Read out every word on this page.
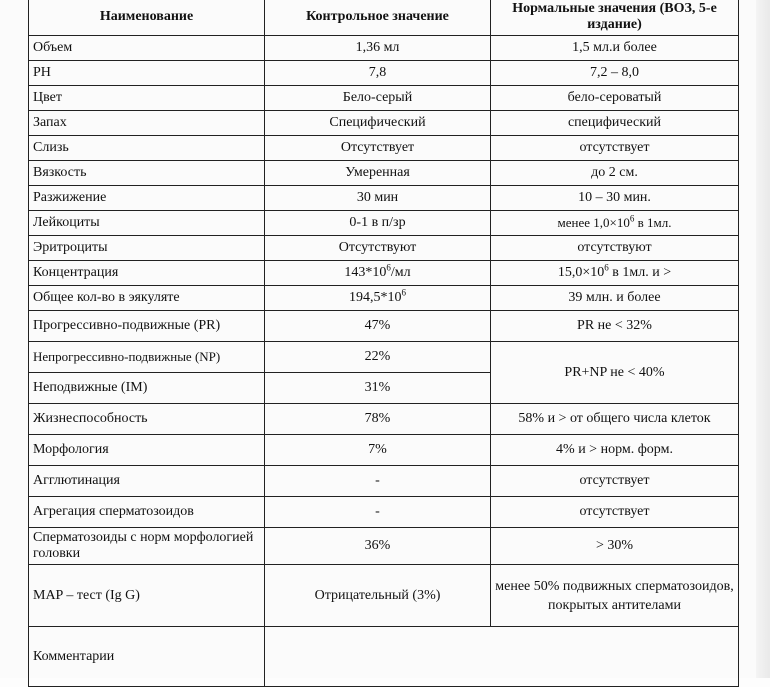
Наименование	Контрольное значение	Нормальные значения (ВОЗ, 5-е издание)
Объем	1,36 мл	1,5 мл.и более
PH	7,8	7,2 – 8,0
Цвет	Бело-серый	бело-сероватый
Запах	Специфический	специфический
Слизь	Отсутствует	отсутствует
Вязкость	Умеренная	до 2 см.
Разжижение	30 мин	10 – 30 мин.
Лейкоциты	0-1 в п/зр	менее $1,0\times 10^6$ в 1мл.
Эритроциты	Отсутствуют	отсутствуют
Концентрация	$143*10^6/мл$	$15,0\times 10^6$ в 1мл. и >
Общее кол-во в эякуляте	$194,5*10^6$	39 млн. и более
Прогрессивно-подвижные (PR)	47%	PR не < 32%
Непрогрессивно-подвижные (NP)	22%	PR+NP не < 40%
Неподвижные (IM)	31%	
Жизнеспособность	78%	58% и > от общего числа клеток
Морфология	7%	4% и > норм. форм.
Агглютинация	-	отсутствует
Агрегация сперматозоидов	-	отсутствует
Сперматозоиды с норм морфологией головки	36%	> 30%
MAP – тест (Ig G)	Отрицательный (3%)	менее 50% подвижных сперматозоидов, покрытых антителами
Комментарии		
